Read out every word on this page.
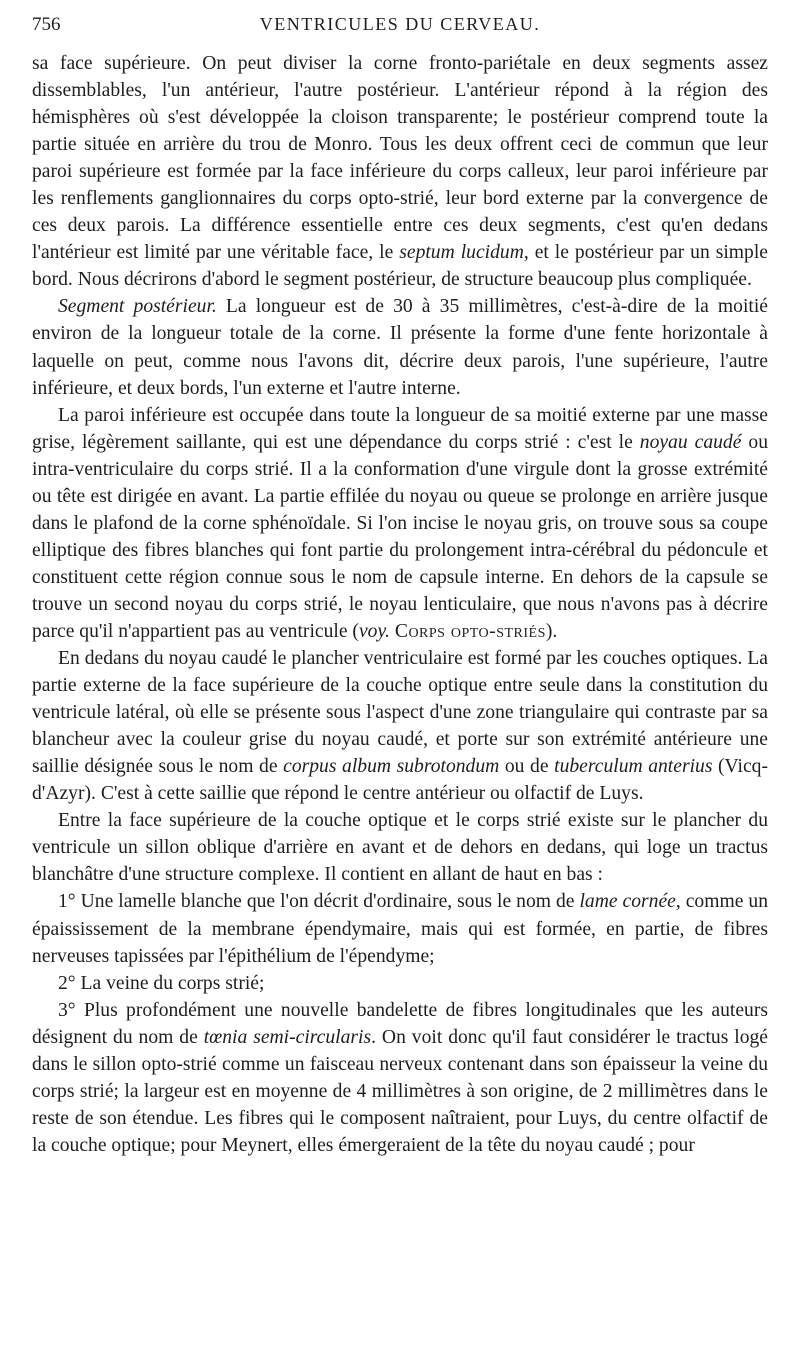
756	VENTRICULES DU CERVEAU.

sa face supérieure. On peut diviser la corne fronto-pariétale en deux segments assez dissemblables, l'un antérieur, l'autre postérieur. L'antérieur répond à la région des hémisphères où s'est développée la cloison transparente; le postérieur comprend toute la partie située en arrière du trou de Monro. Tous les deux offrent ceci de commun que leur paroi supérieure est formée par la face inférieure du corps calleux, leur paroi inférieure par les renflements ganglionnaires du corps opto-strié, leur bord externe par la convergence de ces deux parois. La différence essentielle entre ces deux segments, c'est qu'en dedans l'antérieur est limité par une véritable face, le septum lucidum, et le postérieur par un simple bord. Nous décrirons d'abord le segment postérieur, de structure beaucoup plus compliquée.

Segment postérieur. La longueur est de 30 à 35 millimètres, c'est-à-dire de la moitié environ de la longueur totale de la corne. Il présente la forme d'une fente horizontale à laquelle on peut, comme nous l'avons dit, décrire deux parois, l'une supérieure, l'autre inférieure, et deux bords, l'un externe et l'autre interne.

La paroi inférieure est occupée dans toute la longueur de sa moitié externe par une masse grise, légèrement saillante, qui est une dépendance du corps strié : c'est le noyau caudé ou intra-ventriculaire du corps strié. Il a la conformation d'une virgule dont la grosse extrémité ou tête est dirigée en avant. La partie effilée du noyau ou queue se prolonge en arrière jusque dans le plafond de la corne sphénoïdale. Si l'on incise le noyau gris, on trouve sous sa coupe elliptique des fibres blanches qui font partie du prolongement intra-cérébral du pédoncule et constituent cette région connue sous le nom de capsule interne. En dehors de la capsule se trouve un second noyau du corps strié, le noyau lenticulaire, que nous n'avons pas à décrire parce qu'il n'appartient pas au ventricule (voy. Corps opto-striés).

En dedans du noyau caudé le plancher ventriculaire est formé par les couches optiques. La partie externe de la face supérieure de la couche optique entre seule dans la constitution du ventricule latéral, où elle se présente sous l'aspect d'une zone triangulaire qui contraste par sa blancheur avec la couleur grise du noyau caudé, et porte sur son extrémité antérieure une saillie désignée sous le nom de corpus album subrotondum ou de tuberculum anterius (Vicq-d'Azyr). C'est à cette saillie que répond le centre antérieur ou olfactif de Luys.

Entre la face supérieure de la couche optique et le corps strié existe sur le plancher du ventricule un sillon oblique d'arrière en avant et de dehors en dedans, qui loge un tractus blanchâtre d'une structure complexe. Il contient en allant de haut en bas :

1° Une lamelle blanche que l'on décrit d'ordinaire, sous le nom de lame cornée, comme un épaississement de la membrane épendymaire, mais qui est formée, en partie, de fibres nerveuses tapissées par l'épithélium de l'épendyme;

2° La veine du corps strié;

3° Plus profondément une nouvelle bandelette de fibres longitudinales que les auteurs désignent du nom de tœnia semi-circularis. On voit donc qu'il faut considérer le tractus logé dans le sillon opto-strié comme un faisceau nerveux contenant dans son épaisseur la veine du corps strié; la largeur est en moyenne de 4 millimètres à son origine, de 2 millimètres dans le reste de son étendue. Les fibres qui le composent naîtraient, pour Luys, du centre olfactif de la couche optique; pour Meynert, elles émergeraient de la tête du noyau caudé ; pour
